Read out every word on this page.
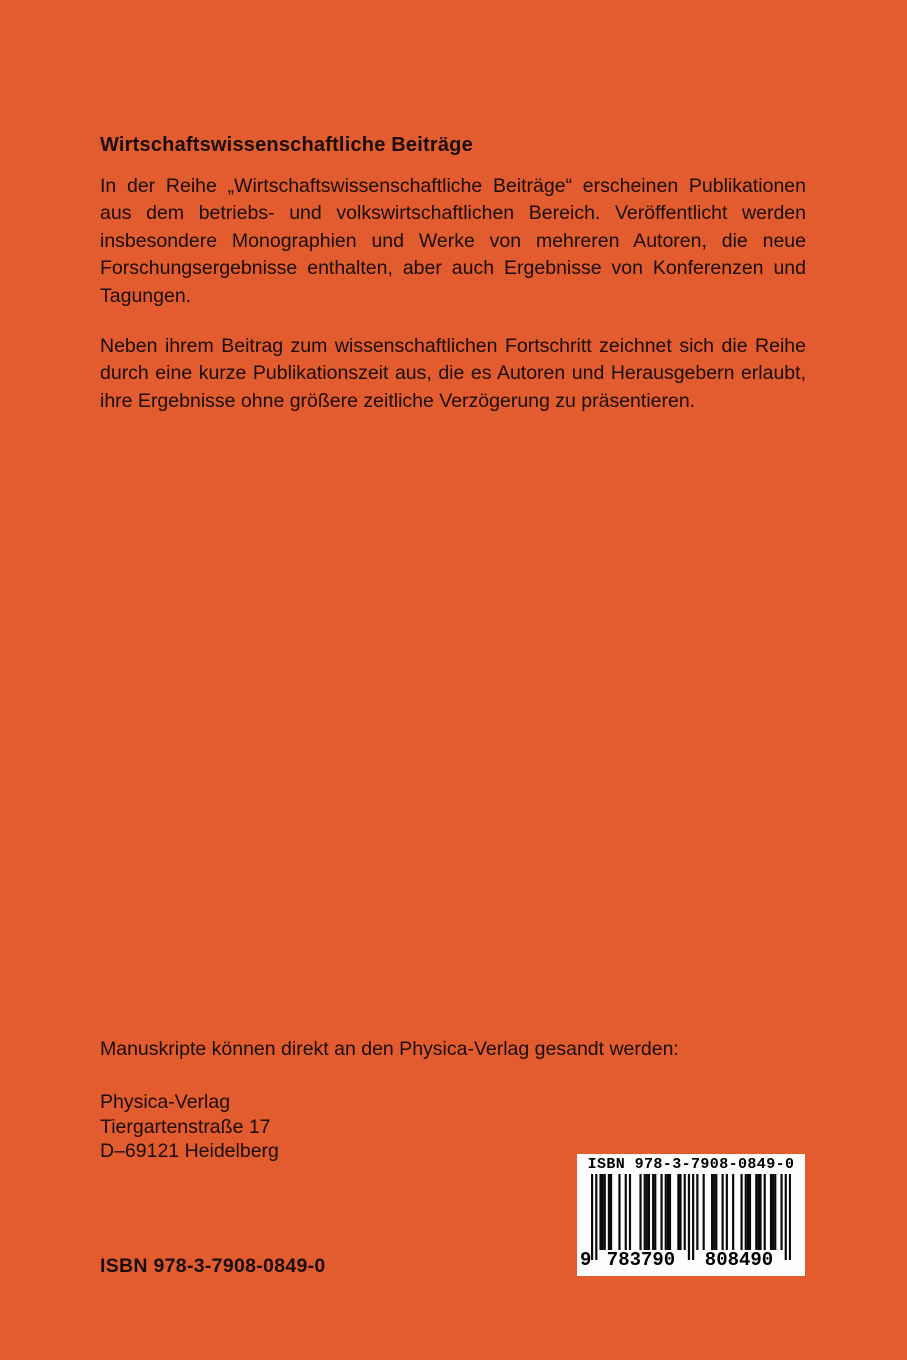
Wirtschaftswissenschaftliche Beiträge

In der Reihe „Wirtschaftswissenschaftliche Beiträge“ erscheinen Publikationen aus dem betriebs- und volkswirtschaftlichen Bereich. Veröffentlicht werden insbesondere Monographien und Werke von mehreren Autoren, die neue Forschungsergebnisse enthalten, aber auch Ergebnisse von Konferenzen und Tagungen.

Neben ihrem Beitrag zum wissenschaftlichen Fortschritt zeichnet sich die Reihe durch eine kurze Publikationszeit aus, die es Autoren und Herausgebern erlaubt, ihre Ergebnisse ohne größere zeitliche Verzögerung zu präsentieren.

Manuskripte können direkt an den Physica-Verlag gesandt werden:
Physica-Verlag
Tiergartenstraße 17
D–69121 Heidelberg
ISBN 978-3-7908-0849-0
ISBN 978-3-7908-0849-0
9 783790 808490
